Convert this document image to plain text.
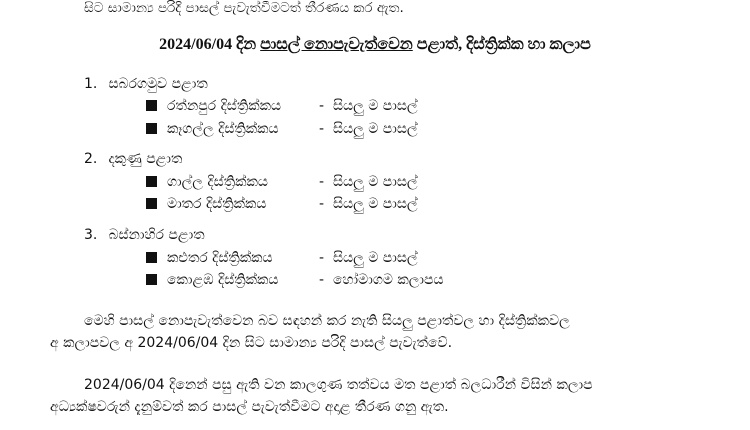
සිට සාමාන්‍ය පරිදි පාසල් පැවැත්වීමටත් තීරණය කර ඇත.
2024/06/04 දින පාසල් නොපැවැත්වෙන පළාත්, දිස්ත්‍රික්ක හා කලාප
1. සබරගමුව පළාත
රත්නපුර දිස්ත්‍රික්කය	- සියලු ම පාසල්
කෑගල්ල දිස්ත්‍රික්කය	- සියලු ම පාසල්
2. දකුණු පළාත
ගාල්ල දිස්ත්‍රික්කය	- සියලු ම පාසල්
මාතර දිස්ත්‍රික්කය	- සියලු ම පාසල්
3. බස්නාහිර පළාත
කළුතර දිස්ත්‍රික්කය	- සියලු ම පාසල්
කොළඹ දිස්ත්‍රික්කය	- හෝමාගම කලාපය
මෙහි පාසල් නොපැවැත්වෙන බව සඳහන් කර නැති සියලු පළාත්වල හා දිස්ත්‍රික්කවල
අ කලාපවල අ 2024/06/04 දින සිට සාමාන්‍ය පරිදි පාසල් පැවැත්වේ.
2024/06/04 දිනෙන් පසු ඇති වන කාලගුණ තත්වය මත පළාත් බලධාරීන් විසින් කලාප
අධ්‍යක්ෂවරුන් දැනුම්වත් කර පාසල් පැවැත්වීමට අදාළ තීරණ ගනු ඇත.
